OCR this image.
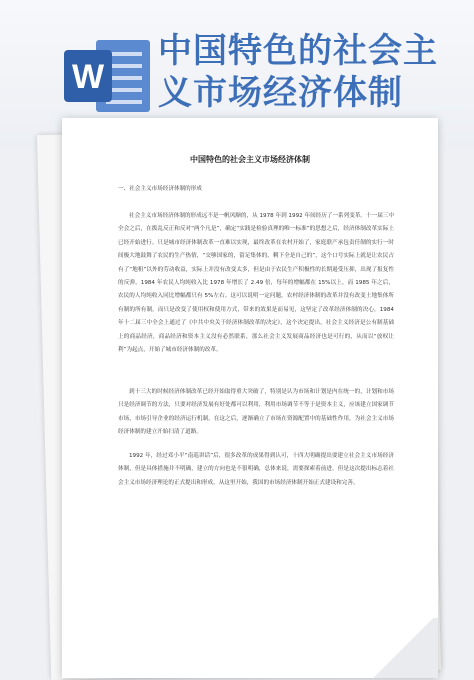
W
中国特色的社会主义市场经济体制
中国特色的社会主义市场经济体制

一、社会主义市场经济体制的形成

社会主义市场经济体制的形成远不是一帆风顺的，从 1978 年到 1992 年间经历了一系列变革。十一届三中全会之后，在拨乱反正和反对“两个凡是”，确定“实践是检验真理的唯一标准”的思想之后，经济体制改革实际上已经开始进行。只是城市经济体制改革一直难以实现，最终改革在农村开始了，家庭联产承包责任制的实行一时间极大地鼓舞了农民的生产热情，“交够国家的，留足集体的，剩下全是自己的”，这个口号实际上就是让农民占有了“地租”以外的劳动收益，实际上并没有改变太多，但是由于农民生产积极性的长期遏受压抑，出现了报复性的反弹，1984 年农民人均纯收入比 1978 年增长了 2.49 倍，每年的增幅都在 15%以上，而 1985 年之后，农民的人均纯收入同比增幅都只有 5%左右。这可以说明一定问题。农村经济体制的改革并没有改变土地集体所有制的所有制，而只是改变了使用权和使用方式，带来的效果是而易见，这坚定了改革经济体制的决心，1984 年十二届三中全会上通过了《中共中央关于经济体制改革的决定》，这个决定提出，社会主义经济是公有制基础上的商品经济，商品经济和资本主义没有必然联系，那么社会主义发展商品经济也是可行的，从而以“放权让利”为起点，开始了城市经济体制的改革。

到十三大的时候经济体制改革已经开始取得重大突破了，特别是认为市场和计划是内在统一的，计划和市场只是经济调节的方法，只要对经济发展有好处都可以利用，利用市场调节不等于是资本主义，应该建立国家调节市场，市场引导企业的经济运行机制。在这之后，逐渐确立了市场在资源配置中的基础性作用，为社会主义市场经济体制的建立开始扫清了道路。

1992 年，经过邓小平“南巡讲话”后，很多改革的成果得到认可，十四大明确提出要建立社会主义市场经济体制，但是具体措施并不明确，建立的方向也是不很明确，总体来说，需要探索着前进。但是这次提出标志着社会主义市场经济理论的正式提出和形成。从这里开始，我国的市场经济体制开始正式建设和完善。
